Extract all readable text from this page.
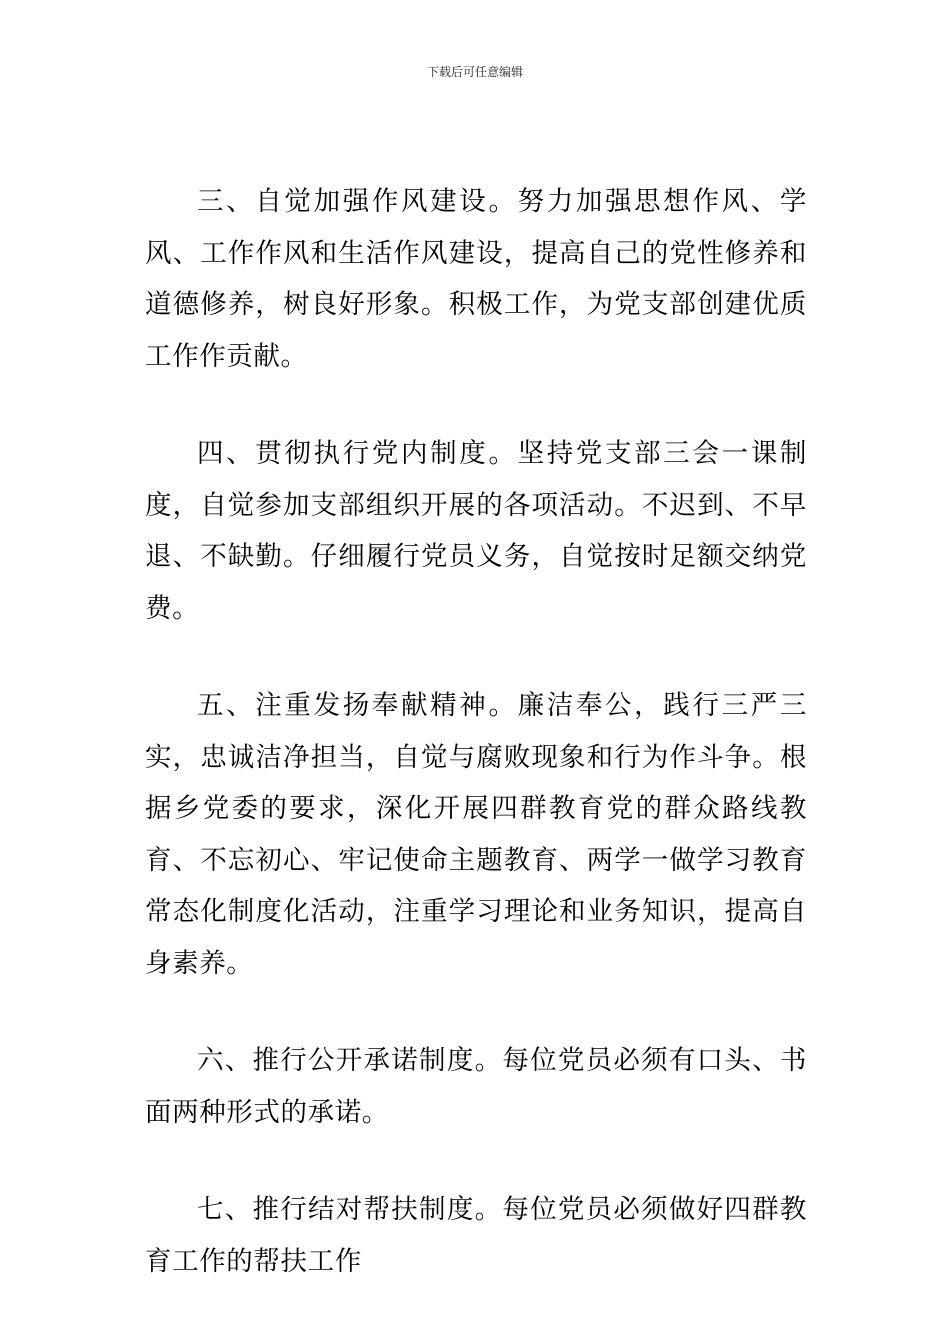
下载后可任意编辑

三、自觉加强作风建设。努力加强思想作风、学风、工作作风和生活作风建设，提高自己的党性修养和道德修养，树良好形象。积极工作，为党支部创建优质工作作贡献。

四、贯彻执行党内制度。坚持党支部三会一课制度，自觉参加支部组织开展的各项活动。不迟到、不早退、不缺勤。仔细履行党员义务，自觉按时足额交纳党费。

五、注重发扬奉献精神。廉洁奉公，践行三严三实，忠诚洁净担当，自觉与腐败现象和行为作斗争。根据乡党委的要求，深化开展四群教育党的群众路线教育、不忘初心、牢记使命主题教育、两学一做学习教育常态化制度化活动，注重学习理论和业务知识，提高自身素养。

六、推行公开承诺制度。每位党员必须有口头、书面两种形式的承诺。

七、推行结对帮扶制度。每位党员必须做好四群教育工作的帮扶工作
